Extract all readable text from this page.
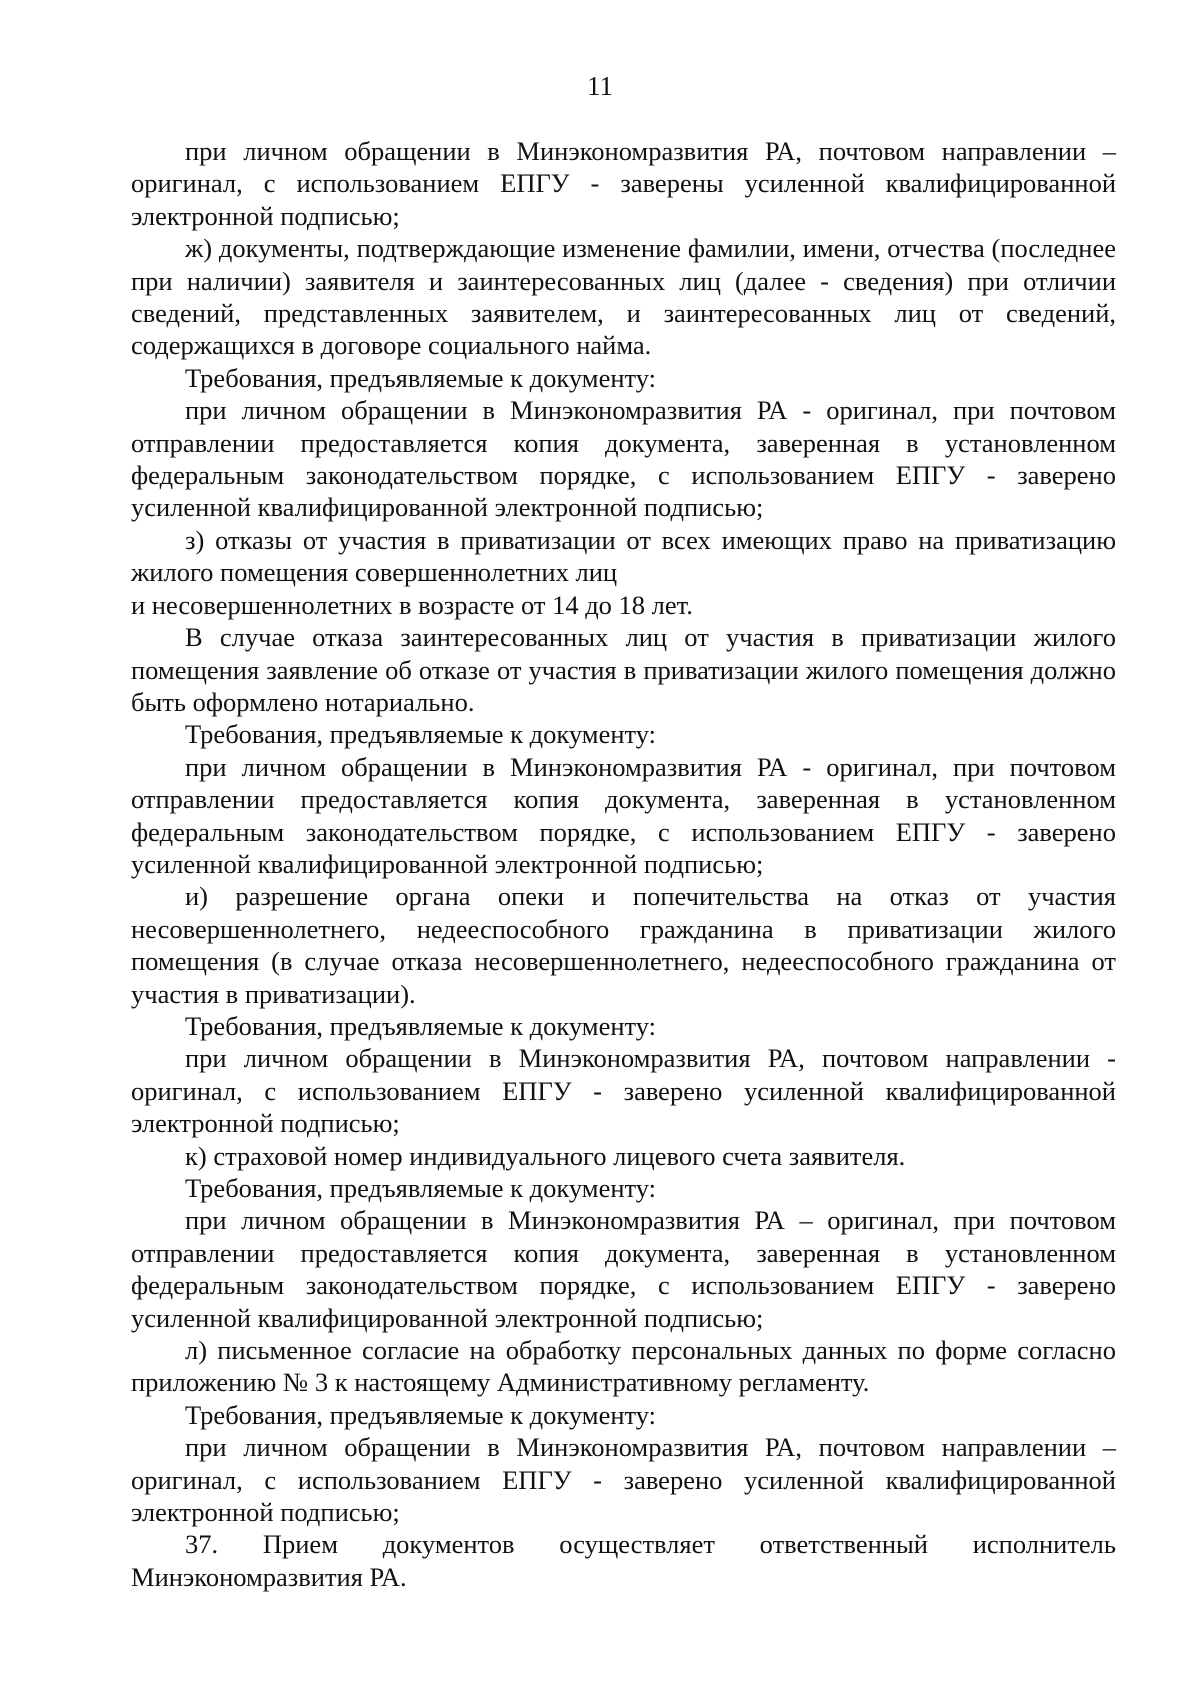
11

при личном обращении в Минэкономразвития РА, почтовом направлении – оригинал, с использованием ЕПГУ - заверены усиленной квалифицированной электронной подписью;

ж) документы, подтверждающие изменение фамилии, имени, отчества (последнее при наличии) заявителя и заинтересованных лиц (далее - сведения) при отличии сведений, представленных заявителем, и заинтересованных лиц от сведений, содержащихся в договоре социального найма.

Требования, предъявляемые к документу:

при личном обращении в Минэкономразвития РА - оригинал, при почтовом отправлении предоставляется копия документа, заверенная в установленном федеральным законодательством порядке, с использованием ЕПГУ - заверено усиленной квалифицированной электронной подписью;

з) отказы от участия в приватизации от всех имеющих право на приватизацию жилого помещения совершеннолетних лиц

и несовершеннолетних в возрасте от 14 до 18 лет.

В случае отказа заинтересованных лиц от участия в приватизации жилого помещения заявление об отказе от участия в приватизации жилого помещения должно быть оформлено нотариально.

Требования, предъявляемые к документу:

при личном обращении в Минэкономразвития РА - оригинал, при почтовом отправлении предоставляется копия документа, заверенная в установленном федеральным законодательством порядке, с использованием ЕПГУ - заверено усиленной квалифицированной электронной подписью;

и) разрешение органа опеки и попечительства на отказ от участия несовершеннолетнего, недееспособного гражданина в приватизации жилого помещения (в случае отказа несовершеннолетнего, недееспособного гражданина от участия в приватизации).

Требования, предъявляемые к документу:

при личном обращении в Минэкономразвития РА, почтовом направлении - оригинал, с использованием ЕПГУ - заверено усиленной квалифицированной электронной подписью;

к) страховой номер индивидуального лицевого счета заявителя.

Требования, предъявляемые к документу:

при личном обращении в Минэкономразвития РА – оригинал, при почтовом отправлении предоставляется копия документа, заверенная в установленном федеральным законодательством порядке, с использованием ЕПГУ - заверено усиленной квалифицированной электронной подписью;

л) письменное согласие на обработку персональных данных по форме согласно приложению № 3 к настоящему Административному регламенту.

Требования, предъявляемые к документу:

при личном обращении в Минэкономразвития РА, почтовом направлении – оригинал, с использованием ЕПГУ - заверено усиленной квалифицированной электронной подписью;

37. Прием документов осуществляет ответственный исполнитель Минэкономразвития РА.
